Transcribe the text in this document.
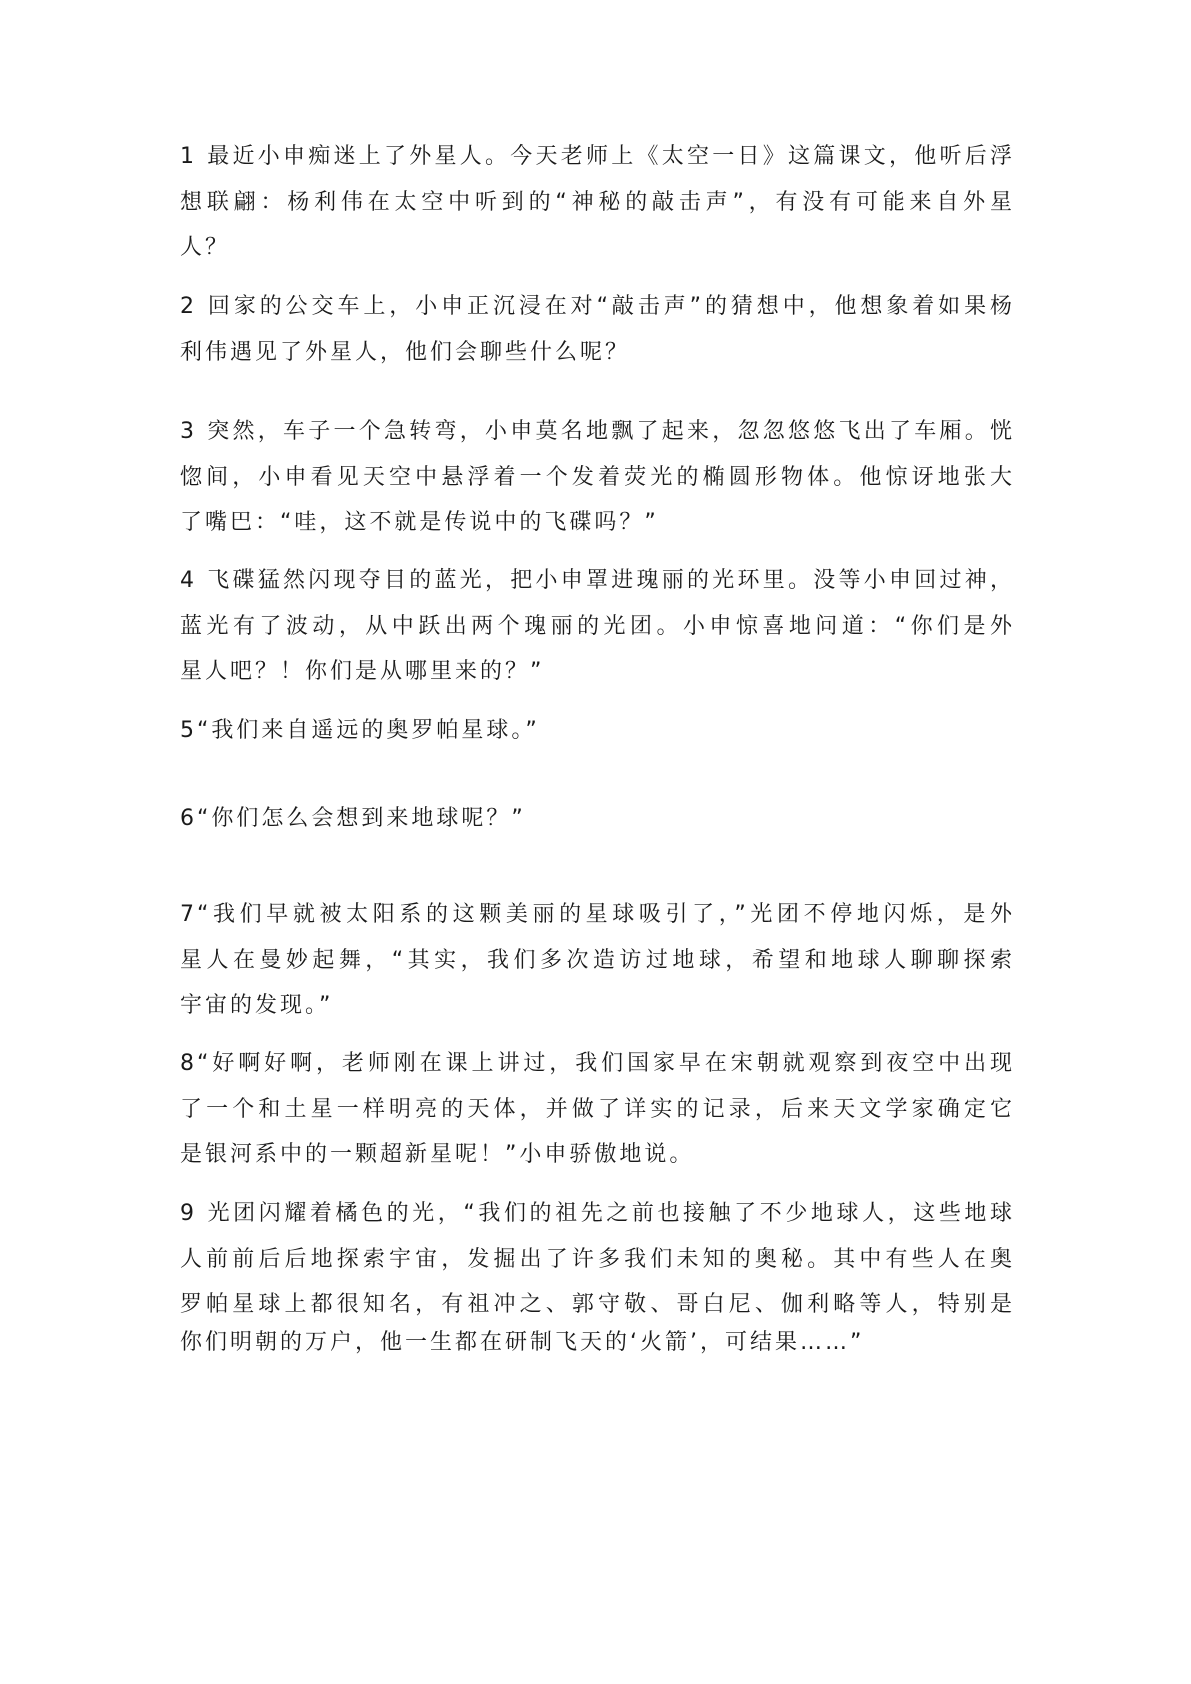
1 最近小申痴迷上了外星人。今天老师上《太空一日》这篇课文，他听后浮
想联翩：杨利伟在太空中听到的“神秘的敲击声”，有没有可能来自外星
人？
2 回家的公交车上，小申正沉浸在对“敲击声”的猜想中，他想象着如果杨
利伟遇见了外星人，他们会聊些什么呢？
3 突然，车子一个急转弯，小申莫名地飘了起来，忽忽悠悠飞出了车厢。恍
惚间，小申看见天空中悬浮着一个发着荧光的椭圆形物体。他惊讶地张大
了嘴巴：“哇，这不就是传说中的飞碟吗？”
4 飞碟猛然闪现夺目的蓝光，把小申罩进瑰丽的光环里。没等小申回过神，
蓝光有了波动，从中跃出两个瑰丽的光团。小申惊喜地问道：“你们是外
星人吧？！你们是从哪里来的？”
5“我们来自遥远的奥罗帕星球。”
6“你们怎么会想到来地球呢？”
7“我们早就被太阳系的这颗美丽的星球吸引了，”光团不停地闪烁，是外
星人在曼妙起舞，“其实，我们多次造访过地球，希望和地球人聊聊探索
宇宙的发现。”
8“好啊好啊，老师刚在课上讲过，我们国家早在宋朝就观察到夜空中出现
了一个和土星一样明亮的天体，并做了详实的记录，后来天文学家确定它
是银河系中的一颗超新星呢！”小申骄傲地说。
9 光团闪耀着橘色的光，“我们的祖先之前也接触了不少地球人，这些地球
人前前后后地探索宇宙，发掘出了许多我们未知的奥秘。其中有些人在奥
罗帕星球上都很知名，有祖冲之、郭守敬、哥白尼、伽利略等人，特别是
你们明朝的万户，他一生都在研制飞天的‘火箭’，可结果……”
